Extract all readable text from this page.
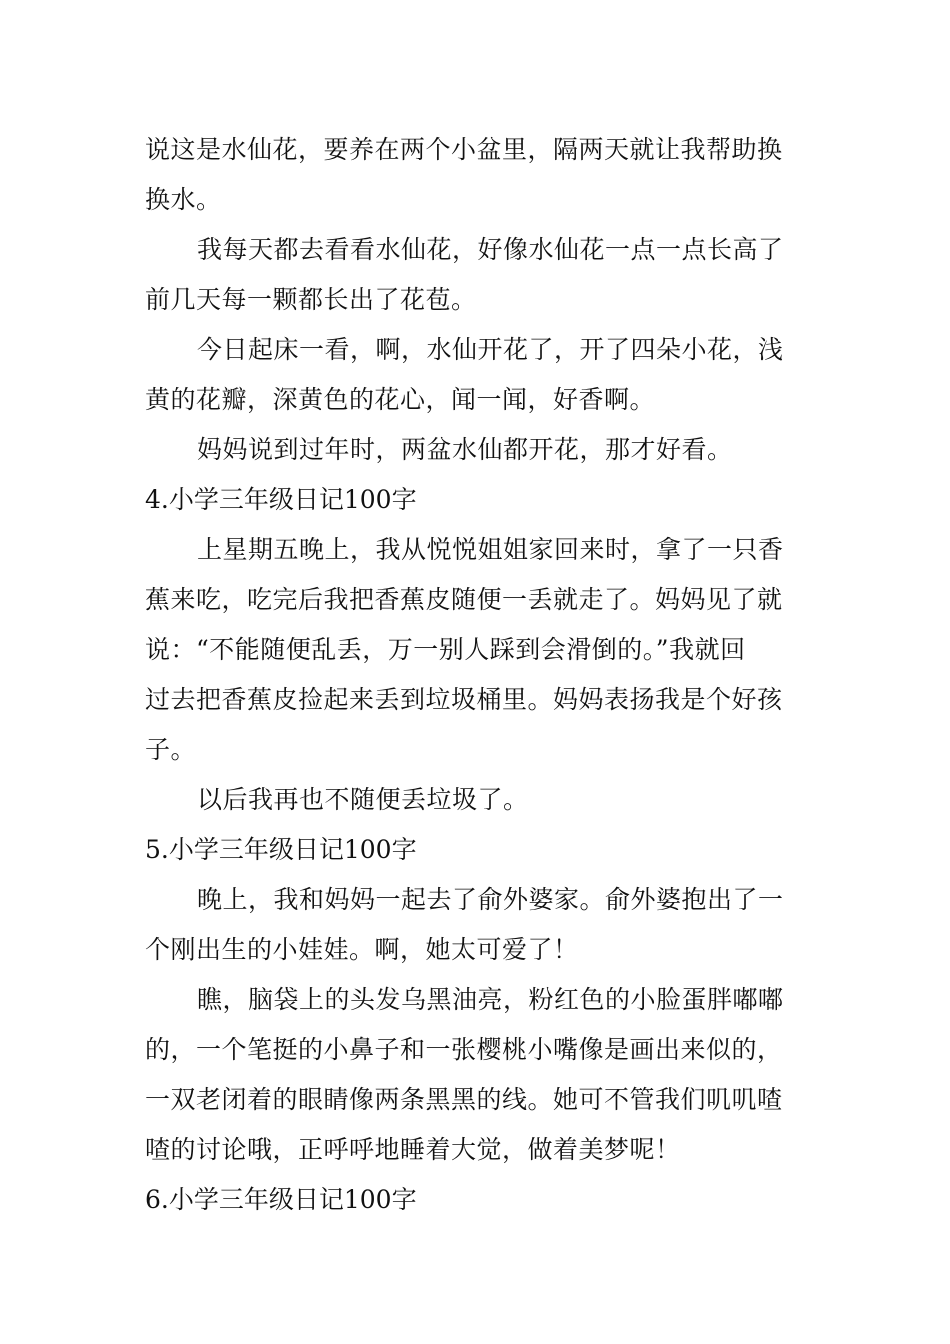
说这是水仙花，要养在两个小盆里，隔两天就让我帮助换
换水。
我每天都去看看水仙花，好像水仙花一点一点长高了
前几天每一颗都长出了花苞。
今日起床一看，啊，水仙开花了，开了四朵小花，浅
黄的花瓣，深黄色的花心，闻一闻，好香啊。
妈妈说到过年时，两盆水仙都开花，那才好看。
4.小学三年级日记100字
上星期五晚上，我从悦悦姐姐家回来时，拿了一只香
蕉来吃，吃完后我把香蕉皮随便一丢就走了。妈妈见了就
说：“不能随便乱丢，万一别人踩到会滑倒的。”我就回
过去把香蕉皮捡起来丢到垃圾桶里。妈妈表扬我是个好孩
子。
以后我再也不随便丢垃圾了。
5.小学三年级日记100字
晚上，我和妈妈一起去了俞外婆家。俞外婆抱出了一
个刚出生的小娃娃。啊，她太可爱了！
瞧，脑袋上的头发乌黑油亮，粉红色的小脸蛋胖嘟嘟
的，一个笔挺的小鼻子和一张樱桃小嘴像是画出来似的，
一双老闭着的眼睛像两条黑黑的线。她可不管我们叽叽喳
喳的讨论哦，正呼呼地睡着大觉，做着美梦呢！
6.小学三年级日记100字
